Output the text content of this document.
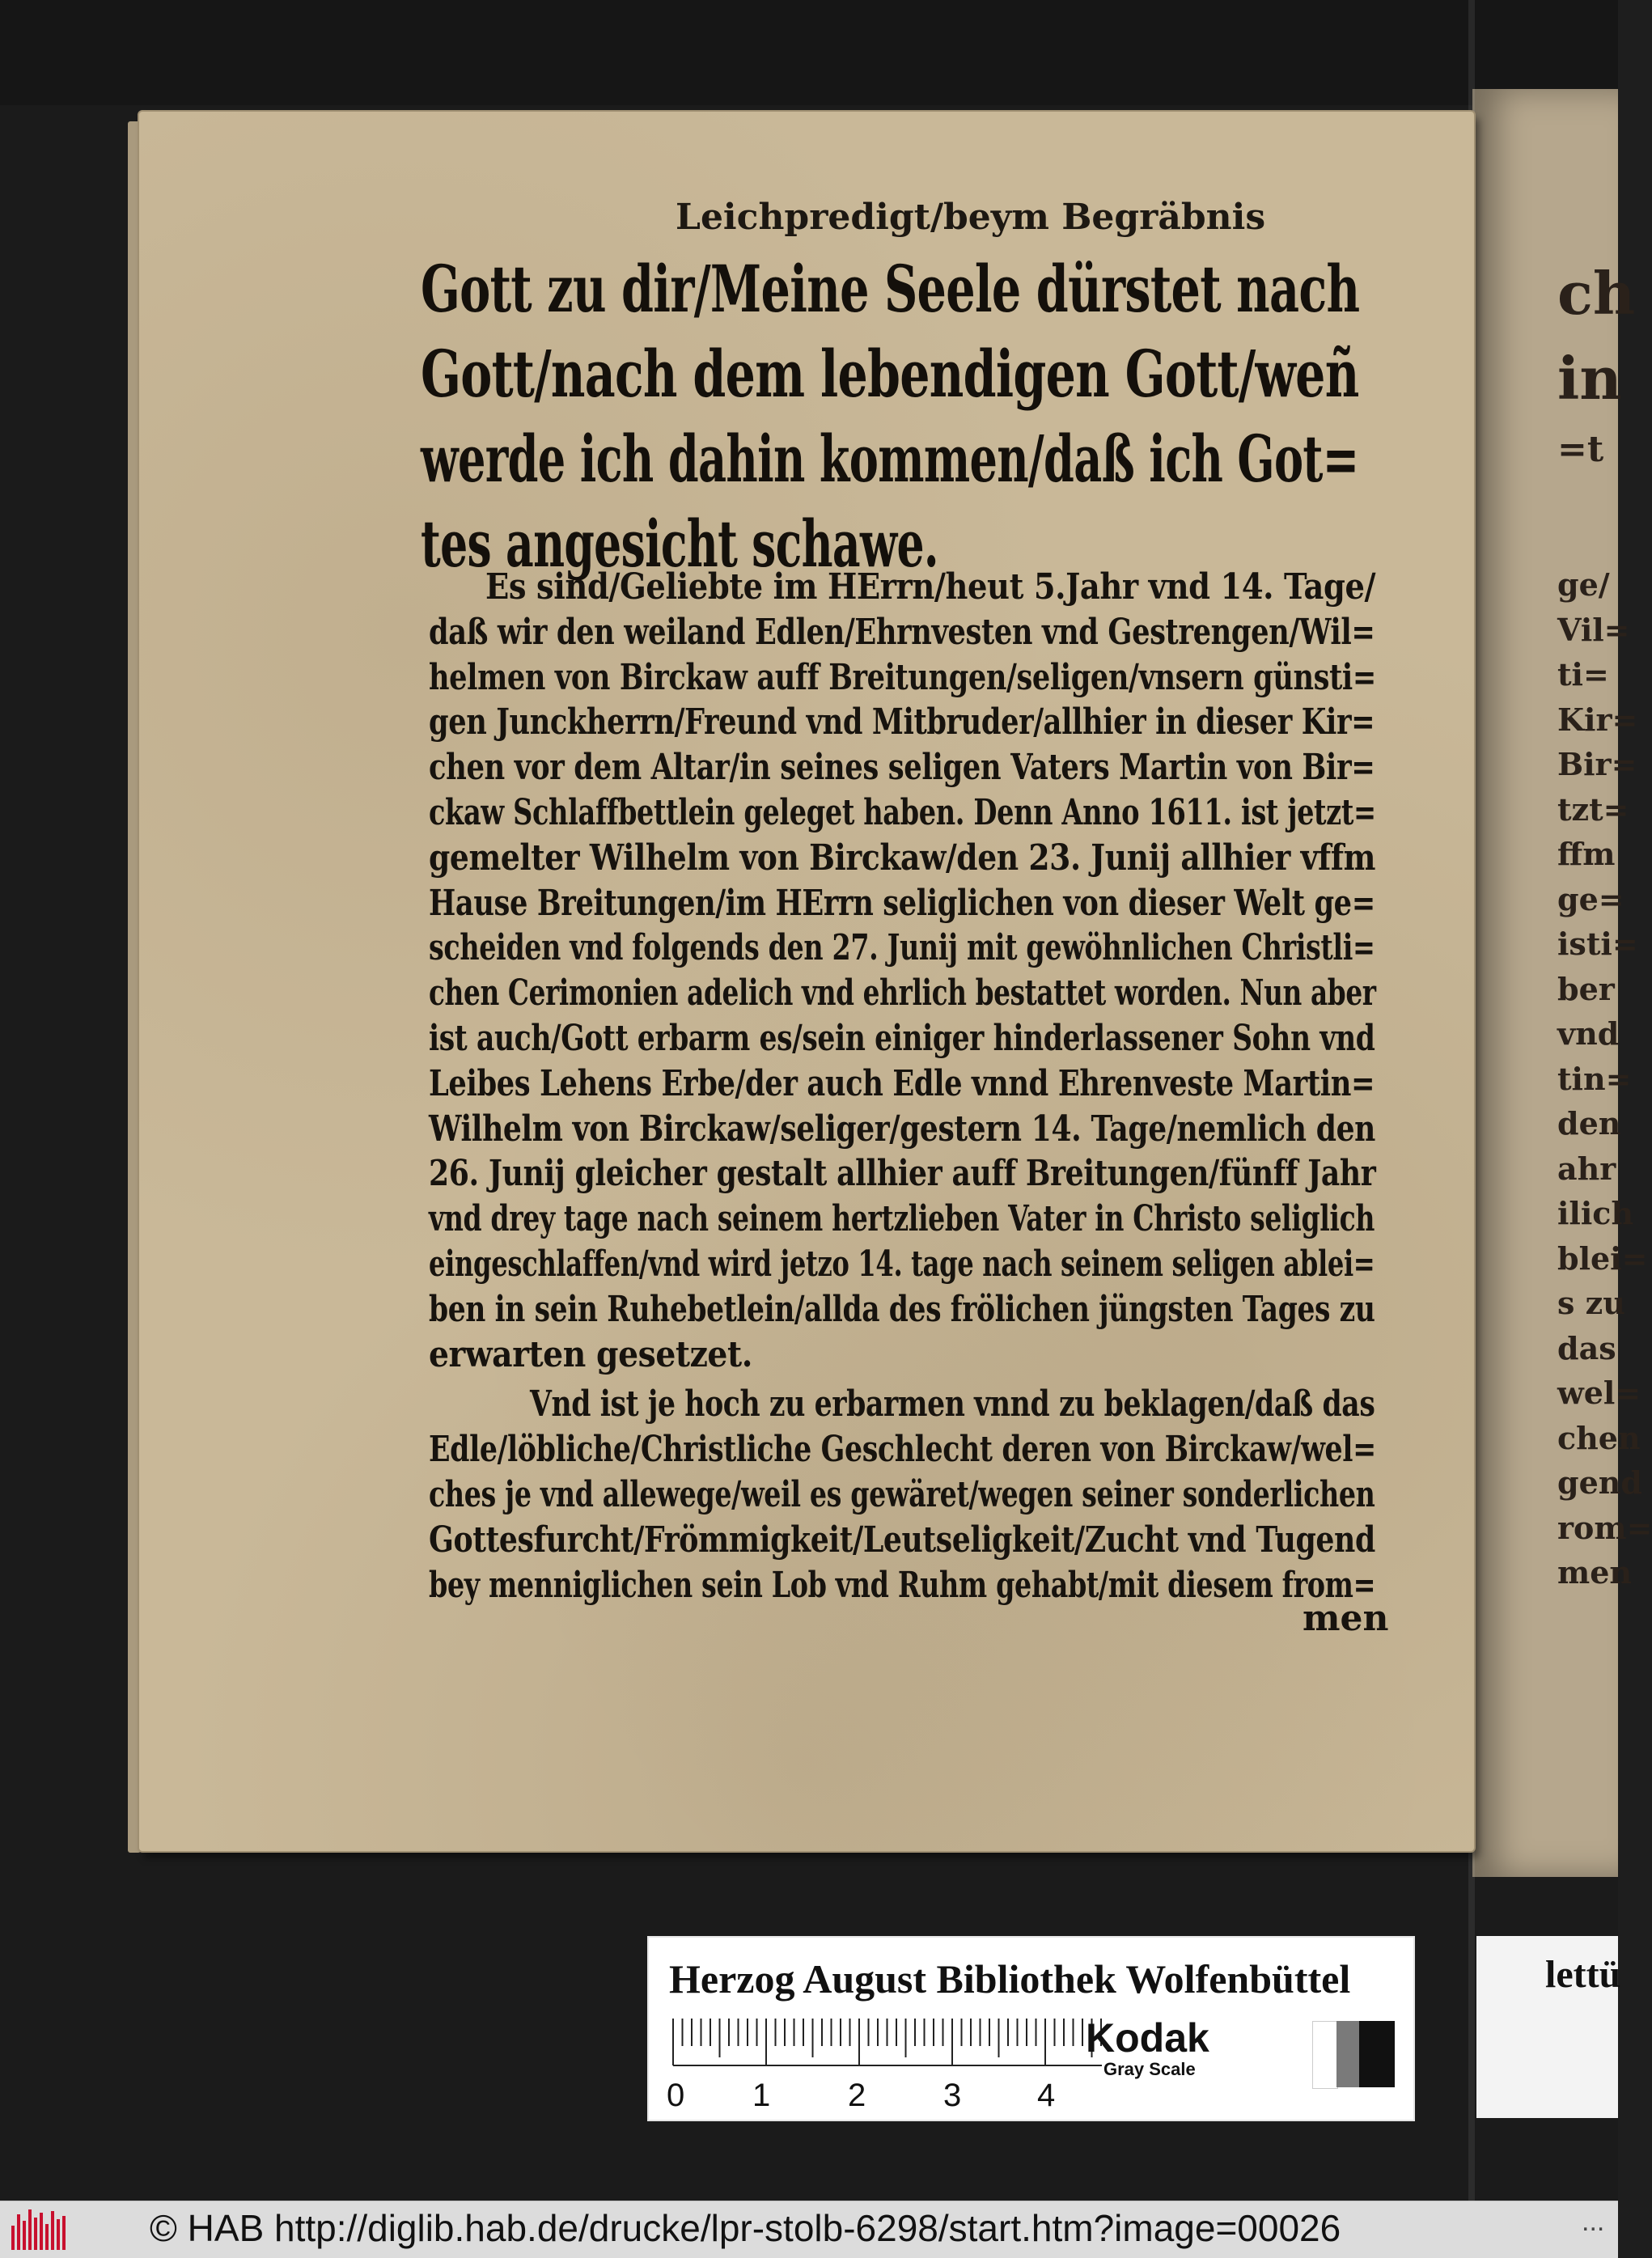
ch
in
=t
ge/
Vil=
ti=
Kir=
Bir=
tzt=
ffm
ge=
isti=
ber
vnd
tin=
den
ahr
ilich
blei=
s zu
das
wel=
chen
gend
rom=
men
Leichpredigt/beym Begräbnis
Gott zu dir/Meine Seele dürstet nach
Gott/nach dem lebendigen Gott/weñ
werde ich dahin kommen/daß ich Got=
tes angesicht schawe.
Es sind/Geliebte im HErrn/heut 5.Jahr vnd 14. Tage/
daß wir den weiland Edlen/Ehrnvesten vnd Gestrengen/Wil=
helmen von Birckaw auff Breitungen/seligen/vnsern günsti=
gen Junckherrn/Freund vnd Mitbruder/allhier in dieser Kir=
chen vor dem Altar/in seines seligen Vaters Martin von Bir=
ckaw Schlaffbettlein geleget haben. Denn Anno 1611. ist jetzt=
gemelter Wilhelm von Birckaw/den 23. Junij allhier vffm
Hause Breitungen/im HErrn seliglichen von dieser Welt ge=
scheiden vnd folgends den 27. Junij mit gewöhnlichen Christli=
chen Cerimonien adelich vnd ehrlich bestattet worden. Nun aber
ist auch/Gott erbarm es/sein einiger hinderlassener Sohn vnd
Leibes Lehens Erbe/der auch Edle vnnd Ehrenveste Martin=
Wilhelm von Birckaw/seliger/gestern 14. Tage/nemlich den
26. Junij gleicher gestalt allhier auff Breitungen/fünff Jahr
vnd drey tage nach seinem hertzlieben Vater in Christo seliglich
eingeschlaffen/vnd wird jetzo 14. tage nach seinem seligen ablei=
ben in sein Ruhebetlein/allda des frölichen jüngsten Tages zu
erwarten gesetzet.
Vnd ist je hoch zu erbarmen vnnd zu beklagen/daß das
Edle/löbliche/Christliche Geschlecht deren von Birckaw/wel=
ches je vnd allewege/weil es gewäret/wegen seiner sonderlichen
Gottesfurcht/Frömmigkeit/Leutseligkeit/Zucht vnd Tugend
bey menniglichen sein Lob vnd Ruhm gehabt/mit diesem from=
men
Herzog August Bibliothek Wolfenbüttel
0 1 2 3 4
Kodak
Gray Scale
lettü
© HAB http://diglib.hab.de/drucke/lpr-stolb-6298/start.htm?image=00026	...
